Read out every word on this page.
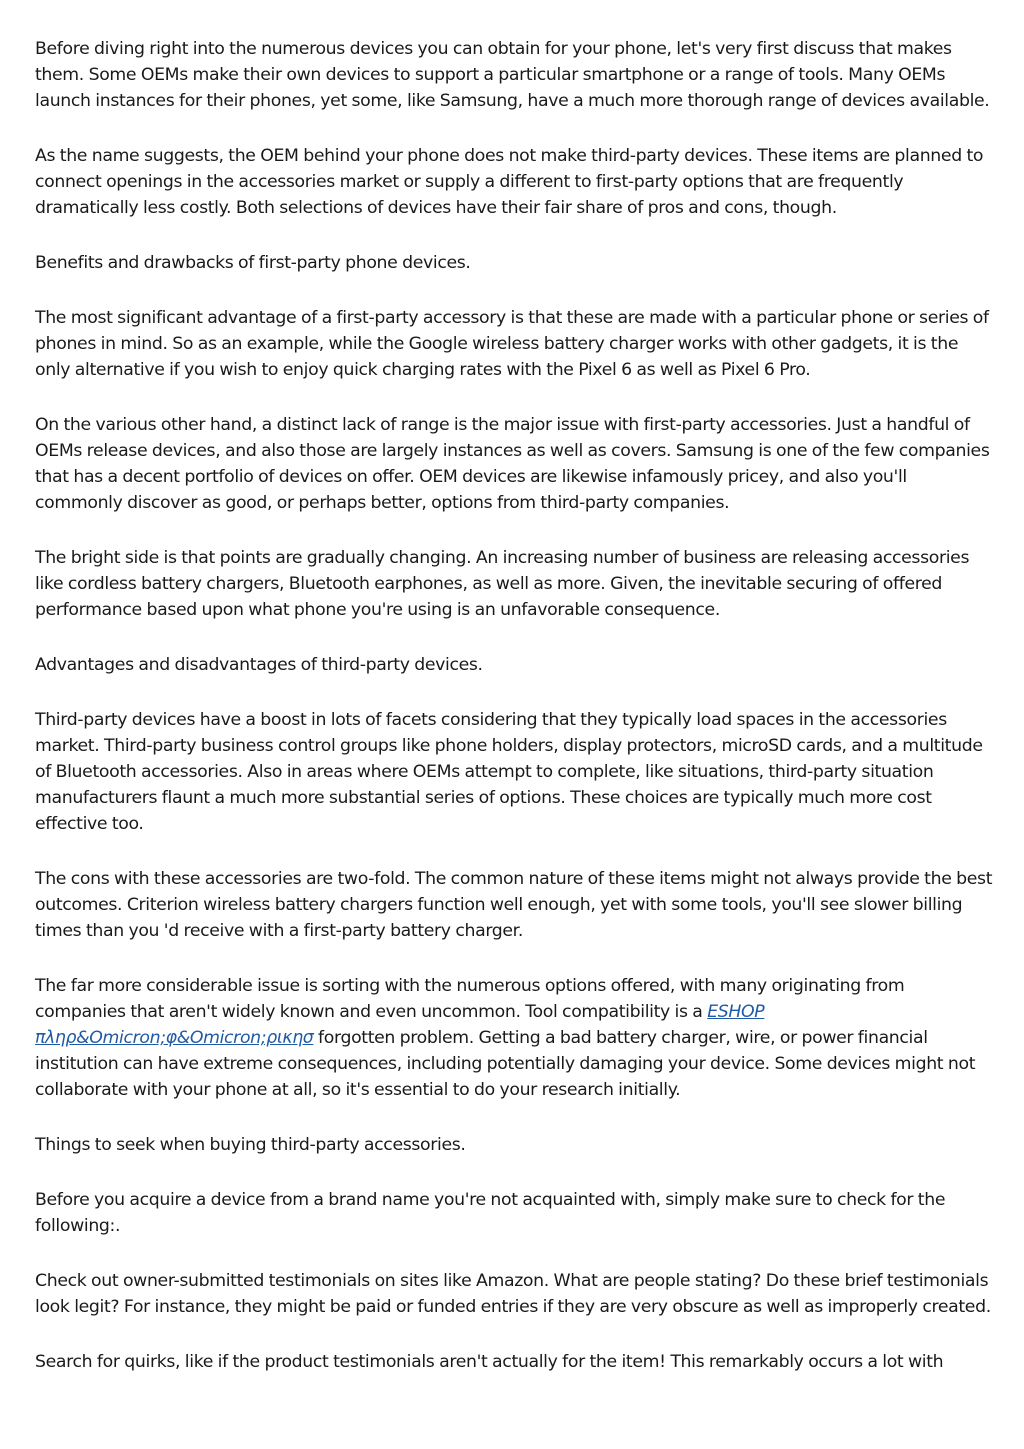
Before diving right into the numerous devices you can obtain for your phone, let's very first discuss that makes them. Some OEMs make their own devices to support a particular smartphone or a range of tools. Many OEMs launch instances for their phones, yet some, like Samsung, have a much more thorough range of devices available.

As the name suggests, the OEM behind your phone does not make third-party devices. These items are planned to connect openings in the accessories market or supply a different to first-party options that are frequently dramatically less costly. Both selections of devices have their fair share of pros and cons, though.

Benefits and drawbacks of first-party phone devices.

The most significant advantage of a first-party accessory is that these are made with a particular phone or series of phones in mind. So as an example, while the Google wireless battery charger works with other gadgets, it is the only alternative if you wish to enjoy quick charging rates with the Pixel 6 as well as Pixel 6 Pro.

On the various other hand, a distinct lack of range is the major issue with first-party accessories. Just a handful of OEMs release devices, and also those are largely instances as well as covers. Samsung is one of the few companies that has a decent portfolio of devices on offer. OEM devices are likewise infamously pricey, and also you'll commonly discover as good, or perhaps better, options from third-party companies.

The bright side is that points are gradually changing. An increasing number of business are releasing accessories like cordless battery chargers, Bluetooth earphones, as well as more. Given, the inevitable securing of offered performance based upon what phone you're using is an unfavorable consequence.

Advantages and disadvantages of third-party devices.

Third-party devices have a boost in lots of facets considering that they typically load spaces in the accessories market. Third-party business control groups like phone holders, display protectors, microSD cards, and a multitude of Bluetooth accessories. Also in areas where OEMs attempt to complete, like situations, third-party situation manufacturers flaunt a much more substantial series of options. These choices are typically much more cost effective too.

The cons with these accessories are two-fold. The common nature of these items might not always provide the best outcomes. Criterion wireless battery chargers function well enough, yet with some tools, you'll see slower billing times than you 'd receive with a first-party battery charger.

The far more considerable issue is sorting with the numerous options offered, with many originating from companies that aren't widely known and even uncommon. Tool compatibility is a ESHOP πληρ&Omicron;φ&Omicron;ρικησ forgotten problem. Getting a bad battery charger, wire, or power financial institution can have extreme consequences, including potentially damaging your device. Some devices might not collaborate with your phone at all, so it's essential to do your research initially.

Things to seek when buying third-party accessories.

Before you acquire a device from a brand name you're not acquainted with, simply make sure to check for the following:.

Check out owner-submitted testimonials on sites like Amazon. What are people stating? Do these brief testimonials look legit? For instance, they might be paid or funded entries if they are very obscure as well as improperly created.

Search for quirks, like if the product testimonials aren't actually for the item! This remarkably occurs a lot with
